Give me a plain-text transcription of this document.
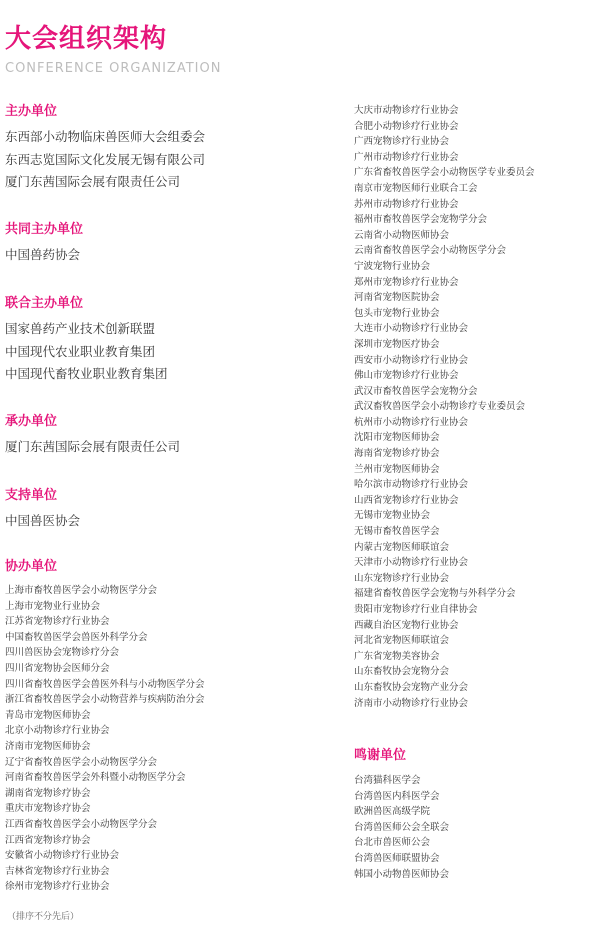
大会组织架构
CONFERENCE ORGANIZATION
主办单位
东西部小动物临床兽医师大会组委会
东西志览国际文化发展无锡有限公司
厦门东茜国际会展有限责任公司
共同主办单位
中国兽药协会
联合主办单位
国家兽药产业技术创新联盟
中国现代农业职业教育集团
中国现代畜牧业职业教育集团
承办单位
厦门东茜国际会展有限责任公司
支持单位
中国兽医协会
协办单位
上海市畜牧兽医学会小动物医学分会
上海市宠物业行业协会
江苏省宠物诊疗行业协会
中国畜牧兽医学会兽医外科学分会
四川兽医协会宠物诊疗分会
四川省宠物协会医师分会
四川省畜牧兽医学会兽医外科与小动物医学分会
浙江省畜牧兽医学会小动物营养与疾病防治分会
青岛市宠物医师协会
北京小动物诊疗行业协会
济南市宠物医师协会
辽宁省畜牧兽医学会小动物医学分会
河南省畜牧兽医学会外科暨小动物医学分会
湖南省宠物诊疗协会
重庆市宠物诊疗协会
江西省畜牧兽医学会小动物医学分会
江西省宠物诊疗协会
安徽省小动物诊疗行业协会
吉林省宠物诊疗行业协会
徐州市宠物诊疗行业协会
大庆市动物诊疗行业协会
合肥小动物诊疗行业协会
广西宠物诊疗行业协会
广州市动物诊疗行业协会
广东省畜牧兽医学会小动物医学专业委员会
南京市宠物医师行业联合工会
苏州市动物诊疗行业协会
福州市畜牧兽医学会宠物学分会
云南省小动物医师协会
云南省畜牧兽医学会小动物医学分会
宁波宠物行业协会
郑州市宠物诊疗行业协会
河南省宠物医院协会
包头市宠物行业协会
大连市小动物诊疗行业协会
深圳市宠物医疗协会
西安市小动物诊疗行业协会
佛山市宠物诊疗行业协会
武汉市畜牧兽医学会宠物分会
武汉畜牧兽医学会小动物诊疗专业委员会
杭州市小动物诊疗行业协会
沈阳市宠物医师协会
海南省宠物诊疗协会
兰州市宠物医师协会
哈尔滨市动物诊疗行业协会
山西省宠物诊疗行业协会
无锡市宠物业协会
无锡市畜牧兽医学会
内蒙古宠物医师联谊会
天津市小动物诊疗行业协会
山东宠物诊疗行业协会
福建省畜牧兽医学会宠物与外科学分会
贵阳市宠物诊疗行业自律协会
西藏自治区宠物行业协会
河北省宠物医师联谊会
广东省宠物美容协会
山东畜牧协会宠物分会
山东畜牧协会宠物产业分会
济南市小动物诊疗行业协会
鸣谢单位
台湾猫科医学会
台湾兽医内科医学会
欧洲兽医高级学院
台湾兽医师公会全联会
台北市兽医师公会
台湾兽医师联盟协会
韩国小动物兽医师协会
（排序不分先后）
